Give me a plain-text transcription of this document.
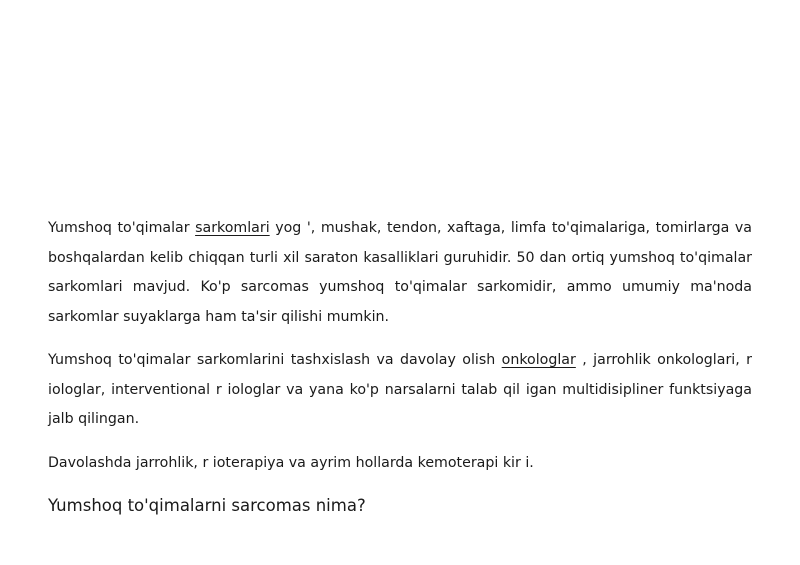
Yumshoq to'qimalar sarkomlari yog ', mushak, tendon, xaftaga, limfa to'qimalariga, tomirlarga va boshqalardan kelib chiqqan turli xil saraton kasalliklari guruhidir. 50 dan ortiq yumshoq to'qimalar sarkomlari mavjud. Ko'p sarcomas yumshoq to'qimalar sarkomidir, ammo umumiy ma'noda sarkomlar suyaklarga ham ta'sir qilishi mumkin.

Yumshoq to'qimalar sarkomlarini tashxislash va davolay olish onkologlar , jarrohlik onkologlari, r iologlar, interventional r iologlar va yana ko'p narsalarni talab qil igan multidisipliner funktsiyaga jalb qilingan.

Davolashda jarrohlik, r ioterapiya va ayrim hollarda kemoterapi kir i.

Yumshoq to'qimalarni sarcomas nima?
